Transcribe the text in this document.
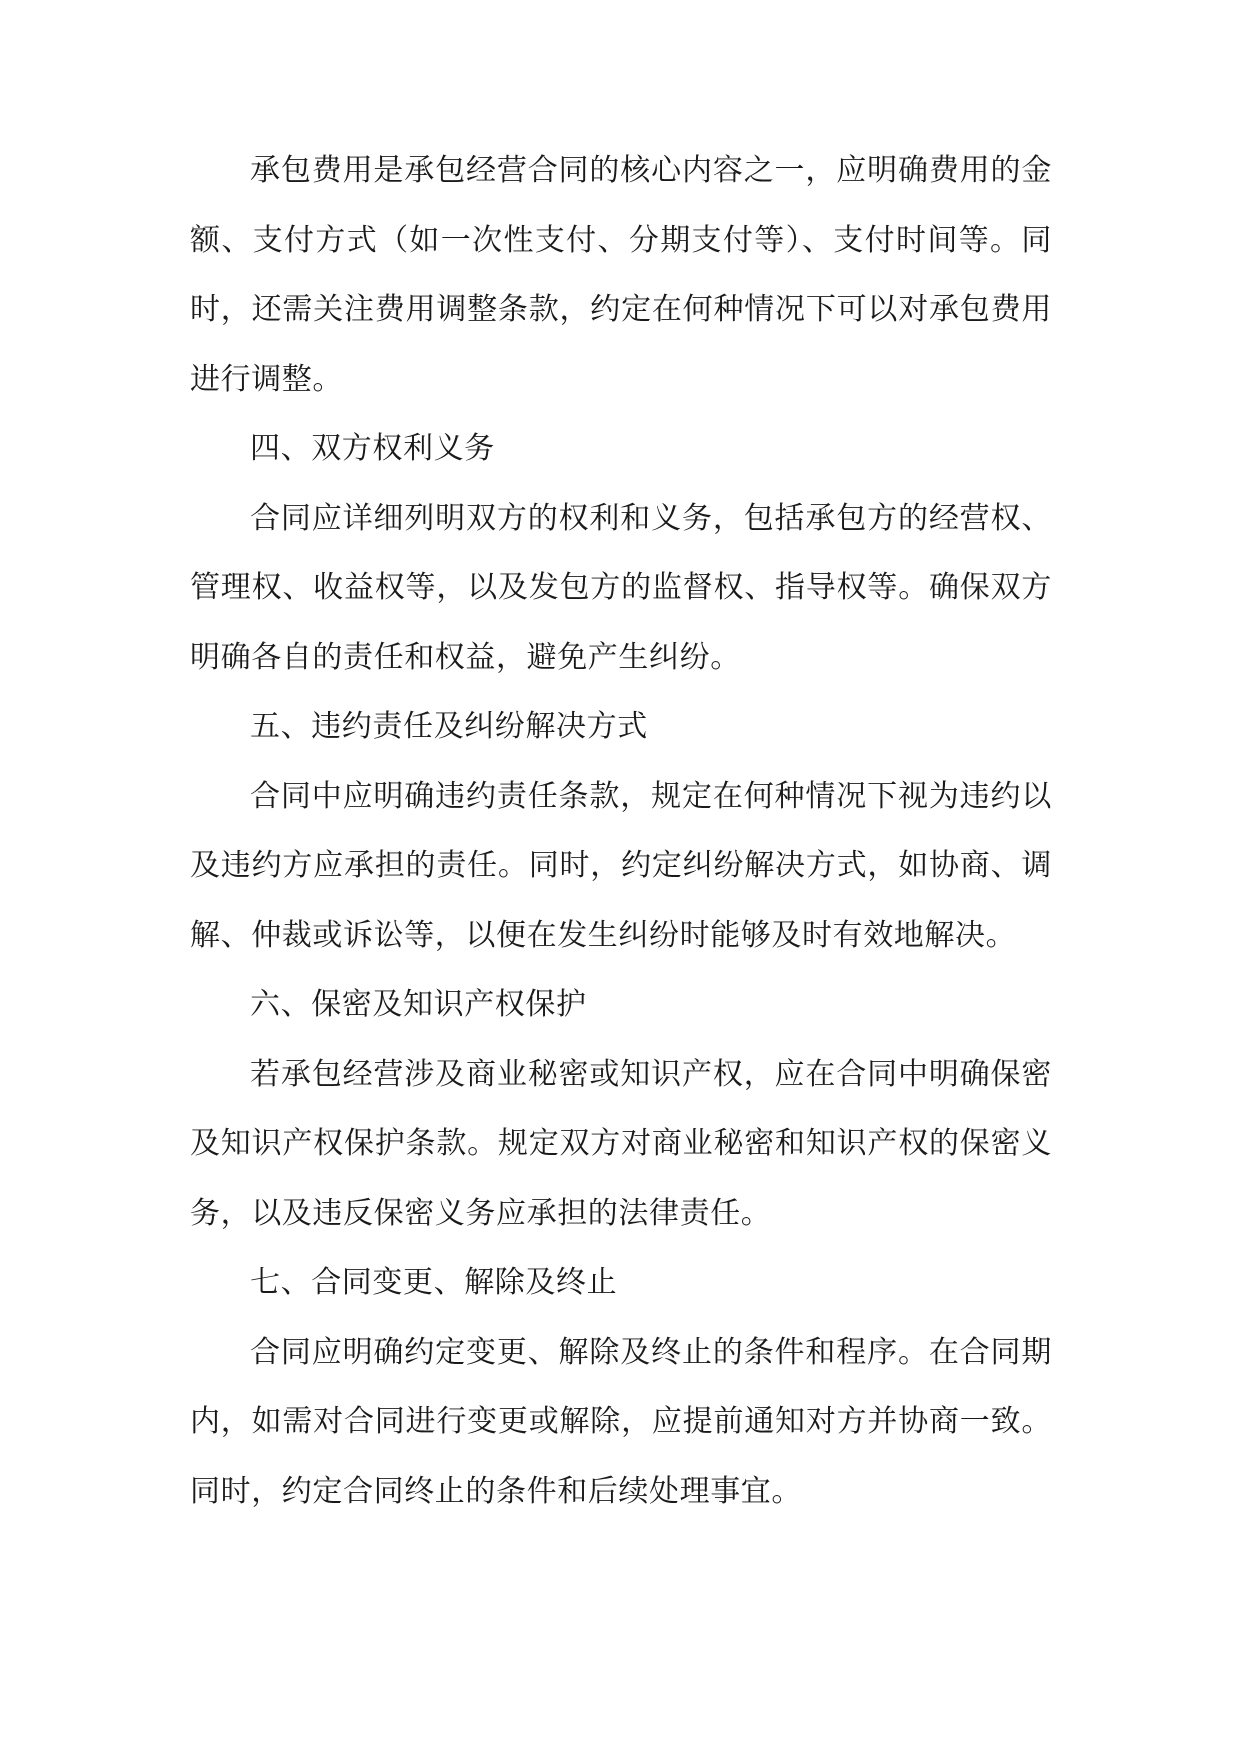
承包费用是承包经营合同的核心内容之一，应明确费用的金额、支付方式（如一次性支付、分期支付等）、支付时间等。同时，还需关注费用调整条款，约定在何种情况下可以对承包费用进行调整。

四、双方权利义务

合同应详细列明双方的权利和义务，包括承包方的经营权、管理权、收益权等，以及发包方的监督权、指导权等。确保双方明确各自的责任和权益，避免产生纠纷。

五、违约责任及纠纷解决方式

合同中应明确违约责任条款，规定在何种情况下视为违约以及违约方应承担的责任。同时，约定纠纷解决方式，如协商、调解、仲裁或诉讼等，以便在发生纠纷时能够及时有效地解决。

六、保密及知识产权保护

若承包经营涉及商业秘密或知识产权，应在合同中明确保密及知识产权保护条款。规定双方对商业秘密和知识产权的保密义务，以及违反保密义务应承担的法律责任。

七、合同变更、解除及终止

合同应明确约定变更、解除及终止的条件和程序。在合同期内，如需对合同进行变更或解除，应提前通知对方并协商一致。同时，约定合同终止的条件和后续处理事宜。
